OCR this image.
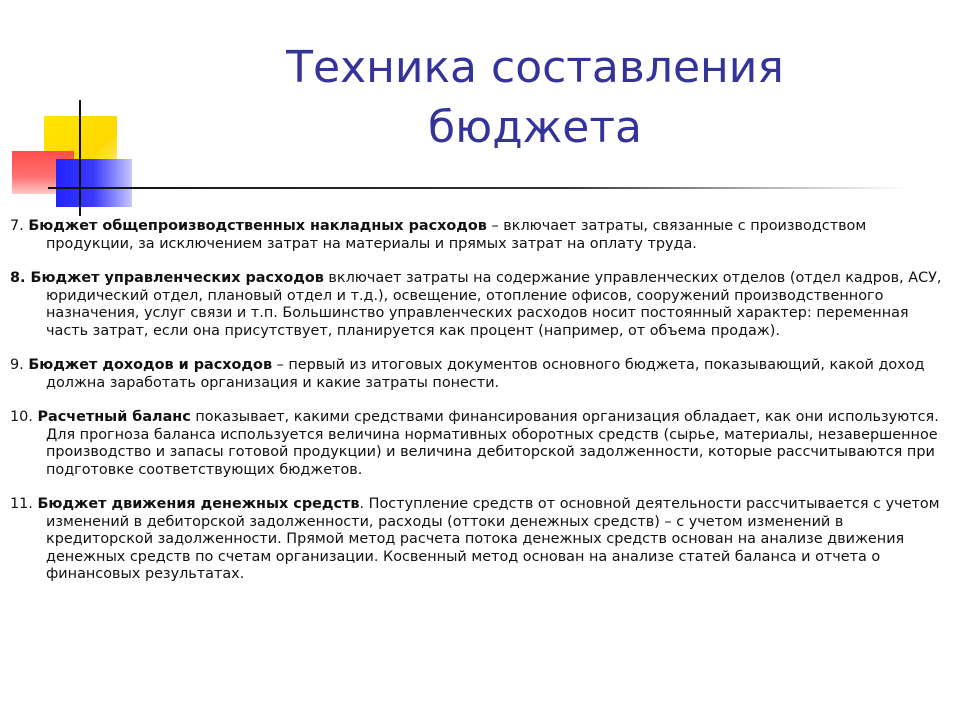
Техника составления
бюджета

7. Бюджет общепроизводственных накладных расходов – включает затраты, связанные с производством продукции, за исключением затрат на материалы и прямых затрат на оплату труда.

8. Бюджет управленческих расходов включает затраты на содержание управленческих отделов (отдел кадров, АСУ, юридический отдел, плановый отдел и т.д.), освещение, отопление офисов, сооружений производственного назначения, услуг связи и т.п. Большинство управленческих расходов носит постоянный характер: переменная часть затрат, если она присутствует, планируется как процент (например, от объема продаж).

9. Бюджет доходов и расходов – первый из итоговых документов основного бюджета, показывающий, какой доход должна заработать организация и какие затраты понести.

10. Расчетный баланс показывает, какими средствами финансирования организация обладает, как они используются. Для прогноза баланса используется величина нормативных оборотных средств (сырье, материалы, незавершенное производство и запасы готовой продукции) и величина дебиторской задолженности, которые рассчитываются при подготовке соответствующих бюджетов.

11. Бюджет движения денежных средств. Поступление средств от основной деятельности рассчитывается с учетом изменений в дебиторской задолженности, расходы (оттоки денежных средств) – с учетом изменений в кредиторской задолженности. Прямой метод расчета потока денежных средств основан на анализе движения денежных средств по счетам организации. Косвенный метод основан на анализе статей баланса и отчета о финансовых результатах.
